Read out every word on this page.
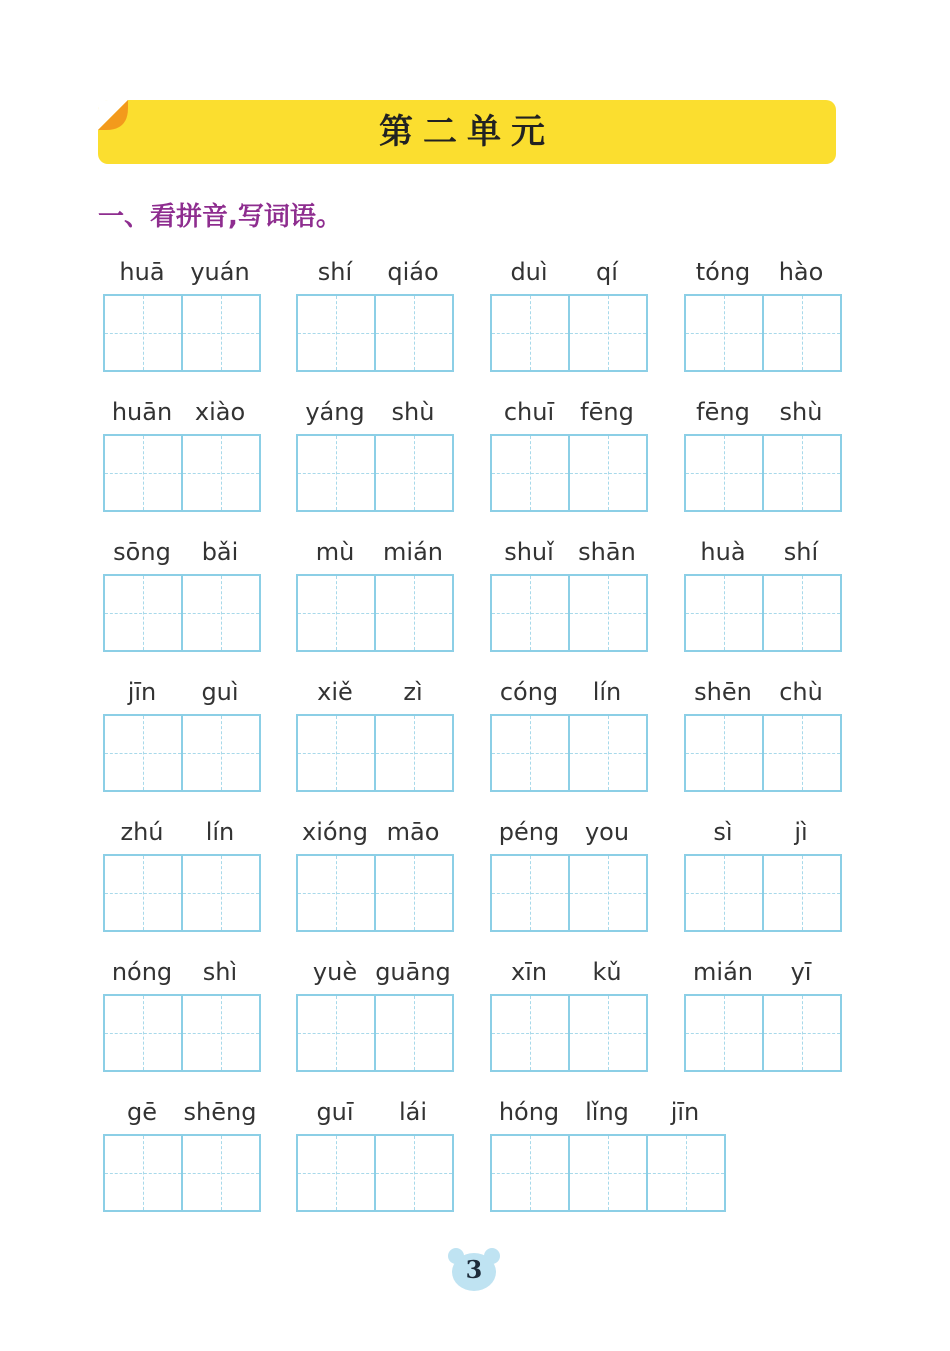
第二单元
一、看拼音,写词语。
huā	yuán	shí	qiáo	duì	qí	tóng	hào
huān xiào	yáng	shù	chuī	fēng	fēng	shù
sōng	bǎi	mù	mián	shuǐ	shān	huà	shí
jīn	guì	xiě	zì	cóng	lín	shēn	chù
zhú	lín	xióng māo	péng	you	sì	jì
nóng	shì	yuè guāng	xīn	kǔ	mián	yī
gē	shēng	guī	lái	hóng	lǐng	jīn
3
